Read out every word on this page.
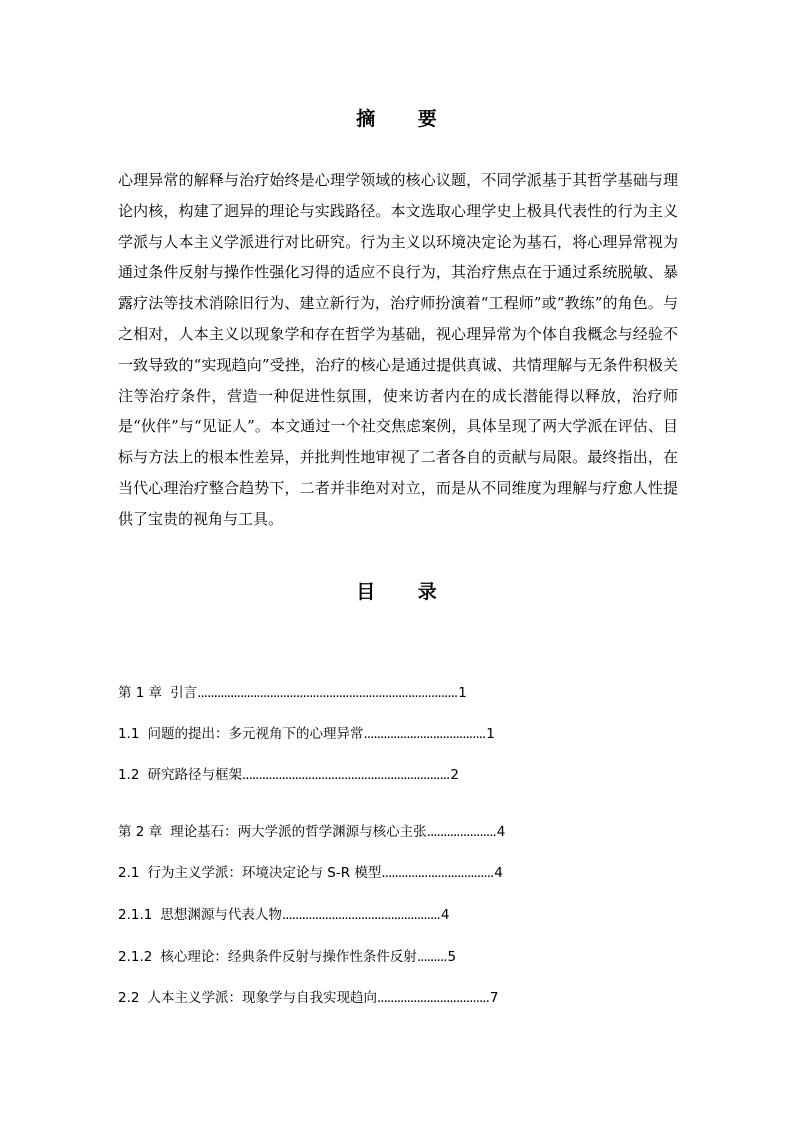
摘 要
心理异常的解释与治疗始终是心理学领域的核心议题，不同学派基于其哲学基础与理论内核，构建了迥异的理论与实践路径。本文选取心理学史上极具代表性的行为主义学派与人本主义学派进行对比研究。行为主义以环境决定论为基石，将心理异常视为通过条件反射与操作性强化习得的适应不良行为，其治疗焦点在于通过系统脱敏、暴露疗法等技术消除旧行为、建立新行为，治疗师扮演着“工程师”或“教练”的角色。与之相对，人本主义以现象学和存在哲学为基础，视心理异常为个体自我概念与经验不一致导致的“实现趋向”受挫，治疗的核心是通过提供真诚、共情理解与无条件积极关注等治疗条件，营造一种促进性氛围，使来访者内在的成长潜能得以释放，治疗师是“伙伴”与“见证人”。本文通过一个社交焦虑案例，具体呈现了两大学派在评估、目标与方法上的根本性差异，并批判性地审视了二者各自的贡献与局限。最终指出，在当代心理治疗整合趋势下，二者并非绝对对立，而是从不同维度为理解与疗愈人性提供了宝贵的视角与工具。
目 录
第 1 章 引言...............................................................................1
1.1 问题的提出：多元视角下的心理异常.....................................1
1.2 研究路径与框架...............................................................2
第 2 章 理论基石：两大学派的哲学渊源与核心主张.....................4
2.1 行为主义学派：环境决定论与 S-R 模型..................................4
2.1.1 思想渊源与代表人物................................................4
2.1.2 核心理论：经典条件反射与操作性条件反射.........5
2.2 人本主义学派：现象学与自我实现趋向..................................7
